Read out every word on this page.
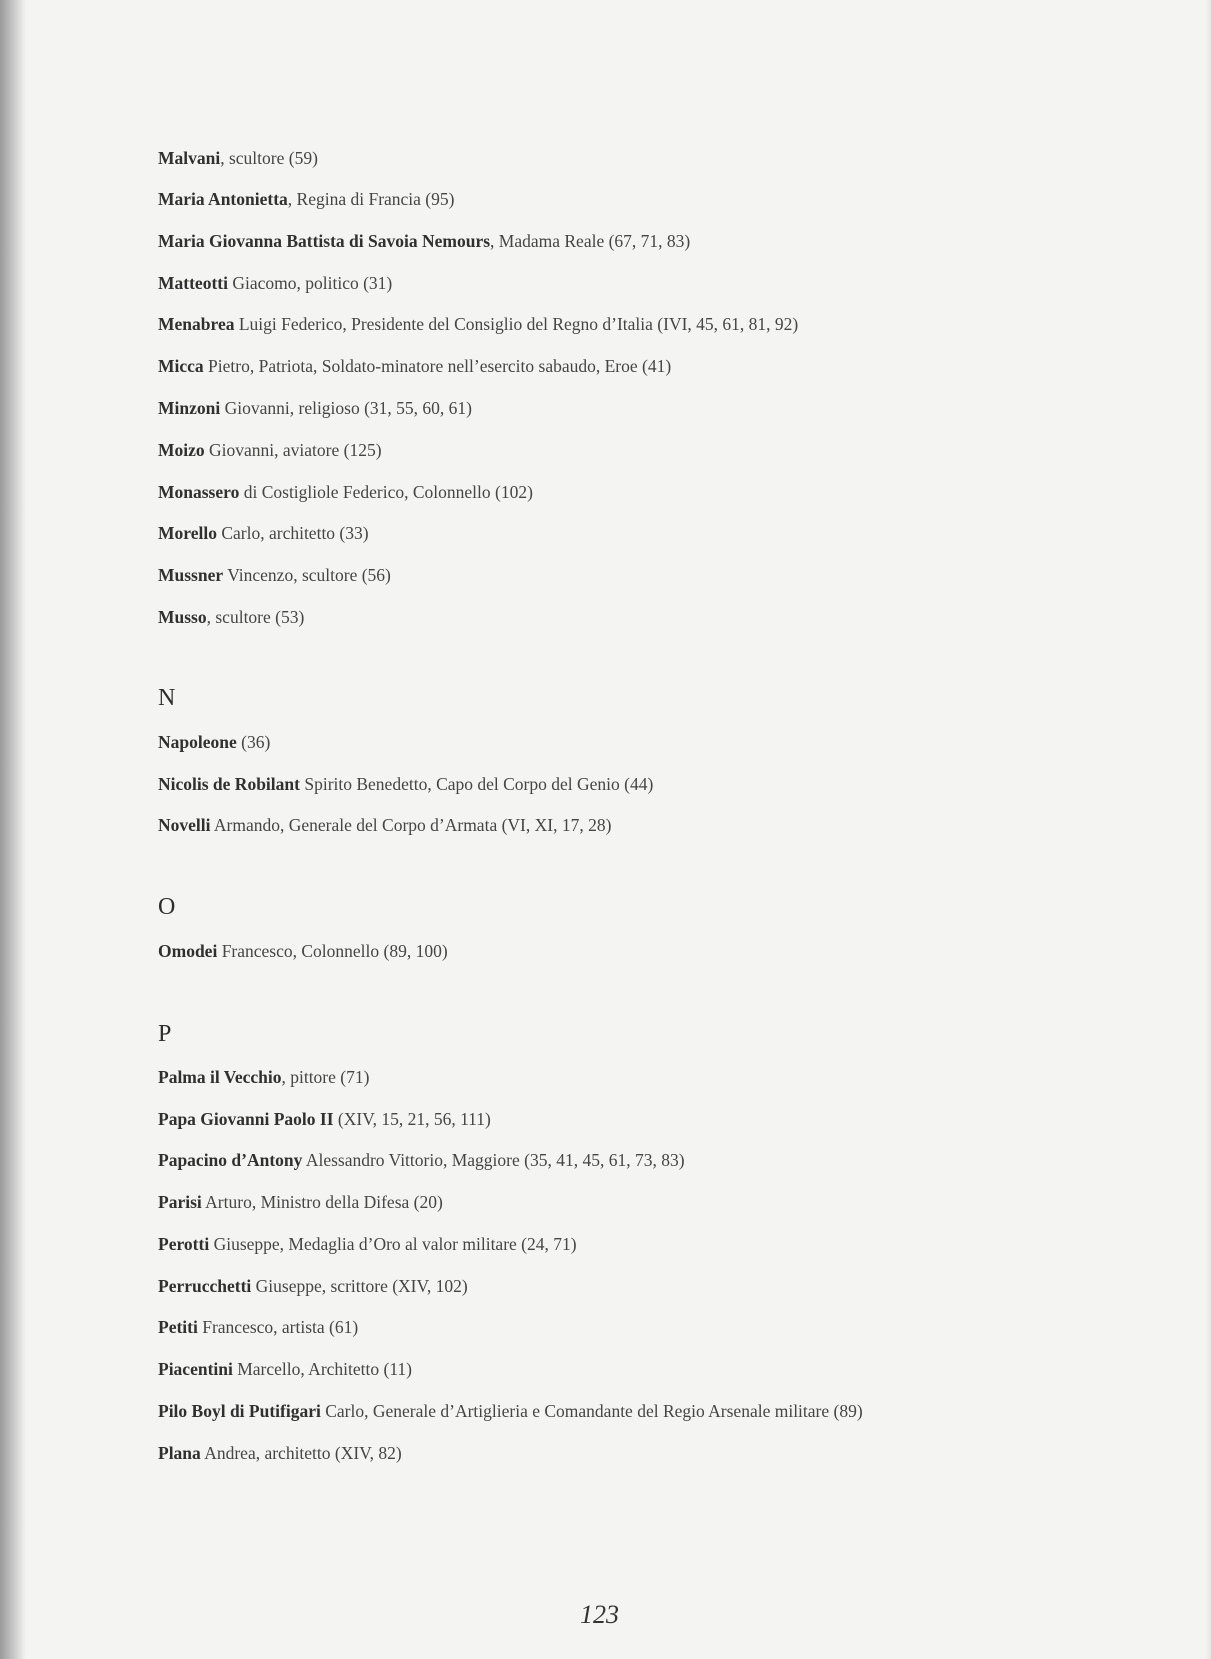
Malvani, scultore (59)
Maria Antonietta, Regina di Francia (95)
Maria Giovanna Battista di Savoia Nemours, Madama Reale (67, 71, 83)
Matteotti Giacomo, politico (31)
Menabrea Luigi Federico, Presidente del Consiglio del Regno d’Italia (IVI, 45, 61, 81, 92)
Micca Pietro, Patriota, Soldato-minatore nell’esercito sabaudo, Eroe (41)
Minzoni Giovanni, religioso (31, 55, 60, 61)
Moizo Giovanni, aviatore (125)
Monassero di Costigliole Federico, Colonnello (102)
Morello Carlo, architetto (33)
Mussner Vincenzo, scultore (56)
Musso, scultore (53)
N
Napoleone (36)
Nicolis de Robilant Spirito Benedetto, Capo del Corpo del Genio (44)
Novelli Armando, Generale del Corpo d’Armata (VI, XI, 17, 28)
O
Omodei Francesco, Colonnello (89, 100)
P
Palma il Vecchio, pittore (71)
Papa Giovanni Paolo II (XIV, 15, 21, 56, 111)
Papacino d’Antony Alessandro Vittorio, Maggiore (35, 41, 45, 61, 73, 83)
Parisi Arturo, Ministro della Difesa (20)
Perotti Giuseppe, Medaglia d’Oro al valor militare (24, 71)
Perrucchetti Giuseppe, scrittore (XIV, 102)
Petiti Francesco, artista (61)
Piacentini Marcello, Architetto (11)
Pilo Boyl di Putifigari Carlo, Generale d’Artiglieria e Comandante del Regio Arsenale militare (89)
Plana Andrea, architetto (XIV, 82)
123
